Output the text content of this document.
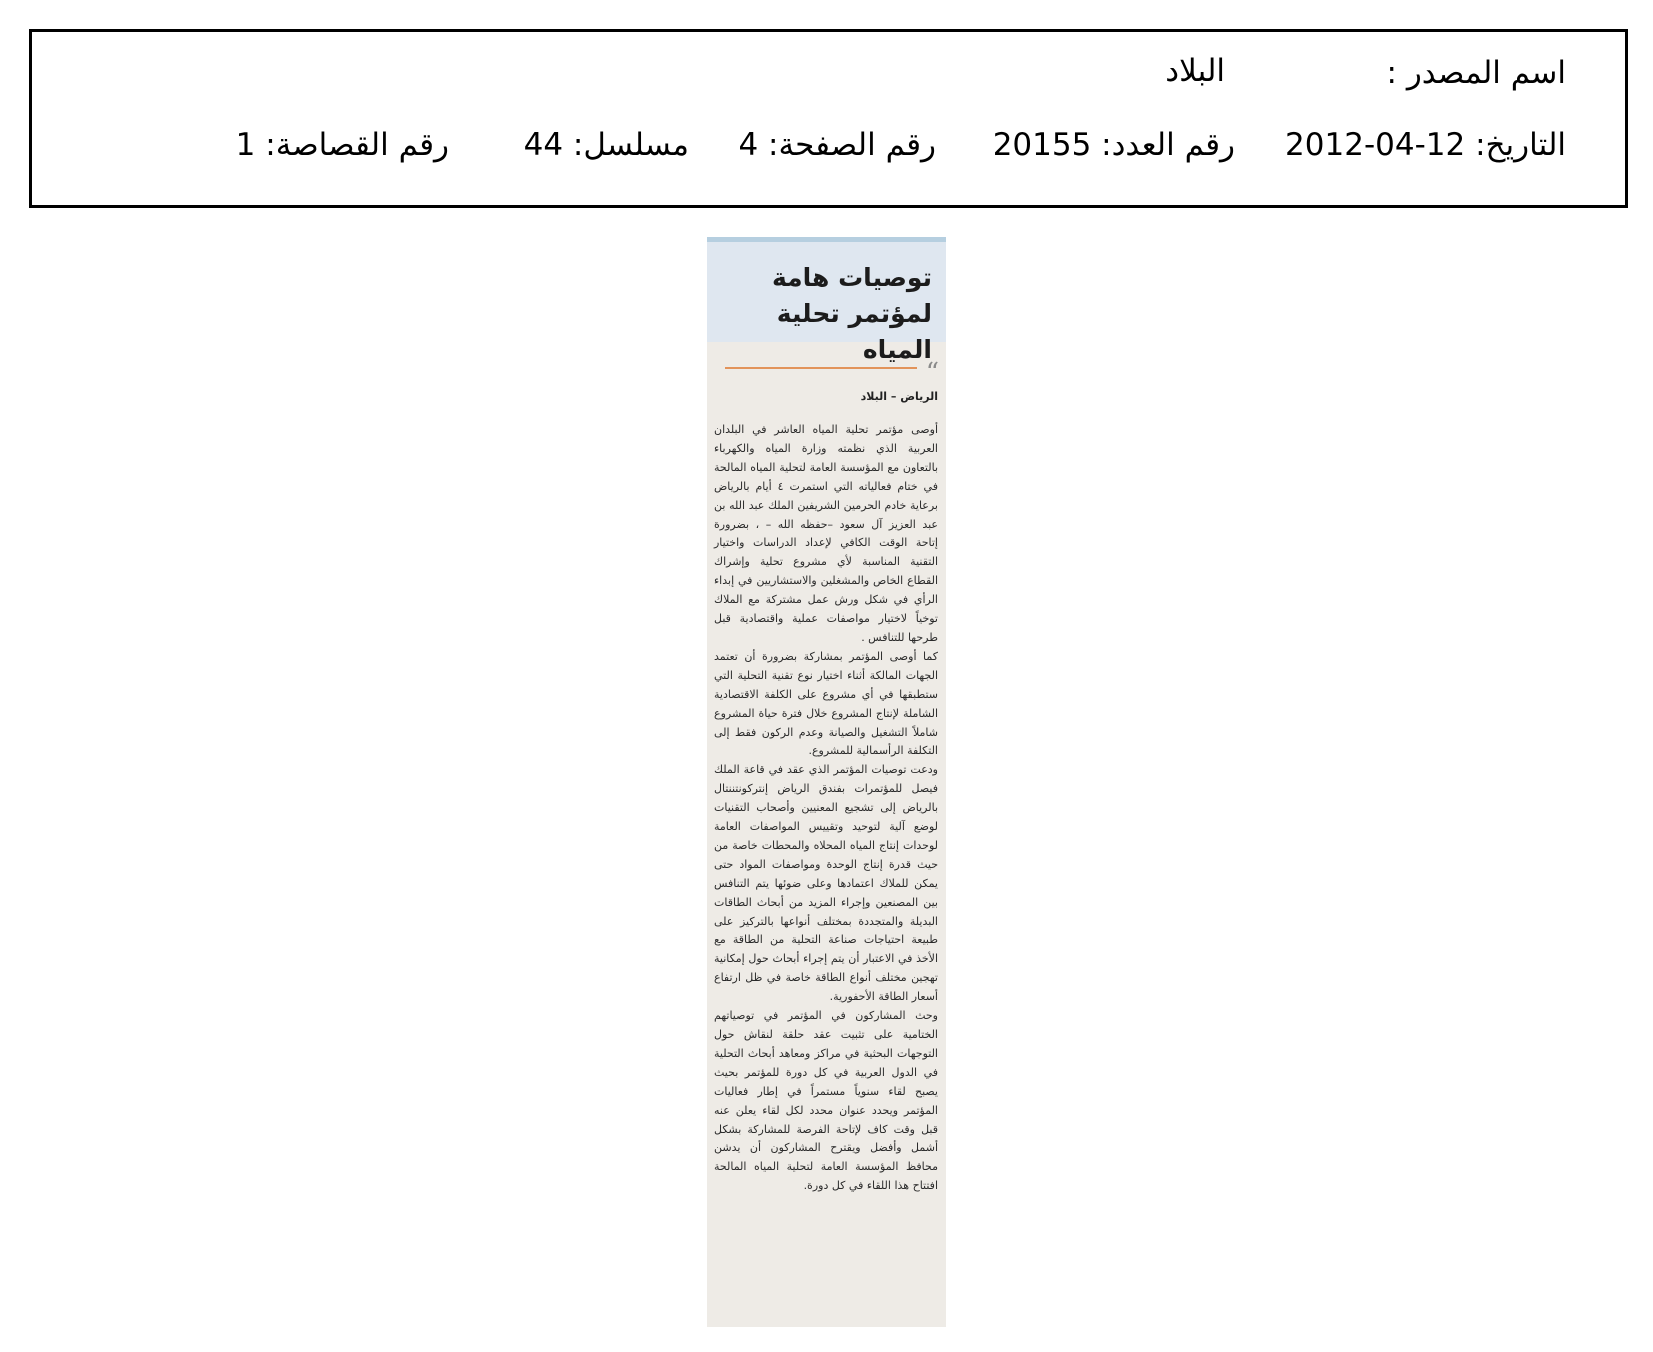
اسم المصدر :
البلاد
التاريخ: 12-04-2012
رقم العدد: 20155
رقم الصفحة: 4
مسلسل: 44
رقم القصاصة: 1
توصيات هامة
لمؤتمر تحلية المياه
“
الرياض – البلاد

أوصى مؤتمر تحلية المياه العاشر في البلدان العربية الذي نظمته وزارة المياه والكهرباء بالتعاون مع المؤسسة العامة لتحلية المياه المالحة في ختام فعالياته التي استمرت ٤ أيام بالرياض برعاية خادم الحرمين الشريفين الملك عبد الله بن عبد العزيز آل سعود –حفظه الله – ، بضرورة إتاحة الوقت الكافي لإعداد الدراسات واختيار التقنية المناسبة لأي مشروع تحلية وإشراك القطاع الخاص والمشغلين والاستشاريين في إبداء الرأي في شكل ورش عمل مشتركة مع الملاك توخياً لاختيار مواصفات عملية واقتصادية قبل طرحها للتنافس .

كما أوصى المؤتمر بمشاركة بضرورة أن تعتمد الجهات المالكة أثناء اختيار نوع تقنية التحلية التي ستطبقها في أي مشروع على الكلفة الاقتصادية الشاملة لإنتاج المشروع خلال فترة حياة المشروع شاملاً التشغيل والصيانة وعدم الركون فقط إلى التكلفة الرأسمالية للمشروع.

ودعت توصيات المؤتمر الذي عقد في قاعة الملك فيصل للمؤتمرات بفندق الرياض إنتركونتننتال بالرياض إلى تشجيع المعنيين وأصحاب التقنيات لوضع آلية لتوحيد وتقييس المواصفات العامة لوحدات إنتاج المياه المحلاه والمحطات خاصة من حيث قدرة إنتاج الوحدة ومواصفات المواد حتى يمكن للملاك اعتمادها وعلى ضوئها يتم التنافس بين المصنعين وإجراء المزيد من أبحاث الطاقات البديلة والمتجددة بمختلف أنواعها بالتركيز على طبيعة احتياجات صناعة التحلية من الطاقة مع الأخذ في الاعتبار أن يتم إجراء أبحاث حول إمكانية تهجين مختلف أنواع الطاقة خاصة في ظل ارتفاع أسعار الطاقة الأحفورية.

وحث المشاركون في المؤتمر في توصياتهم الختامية على تثبيت عقد حلقة لنقاش حول التوجهات البحثية في مراكز ومعاهد أبحاث التحلية في الدول العربية في كل دورة للمؤتمر بحيث يصبح لقاء سنوياً مستمراً في إطار فعاليات المؤتمر ويحدد عنوان محدد لكل لقاء يعلن عنه قبل وقت كاف لإتاحة الفرصة للمشاركة بشكل أشمل وأفضل ويقترح المشاركون أن يدشن محافظ المؤسسة العامة لتحلية المياه المالحة افتتاح هذا اللقاء في كل دورة.
